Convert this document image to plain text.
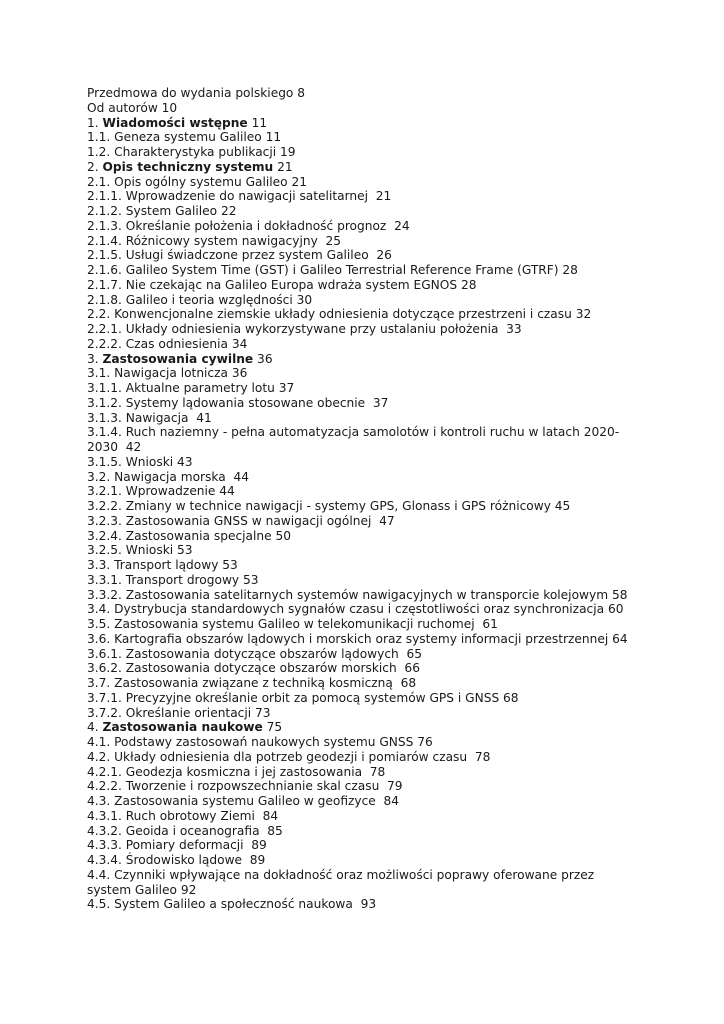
Przedmowa do wydania polskiego 8

Od autorów 10

1. Wiadomości wstępne 11

1.1. Geneza systemu Galileo 11

1.2. Charakterystyka publikacji 19

2. Opis techniczny systemu 21

2.1. Opis ogólny systemu Galileo 21

2.1.1. Wprowadzenie do nawigacji satelitarnej  21

2.1.2. System Galileo 22

2.1.3. Określanie położenia i dokładność prognoz  24

2.1.4. Różnicowy system nawigacyjny  25

2.1.5. Usługi świadczone przez system Galileo  26

2.1.6. Galileo System Time (GST) i Galileo Terrestrial Reference Frame (GTRF) 28

2.1.7. Nie czekając na Galileo Europa wdraża system EGNOS 28

2.1.8. Galileo i teoria względności 30

2.2. Konwencjonalne ziemskie układy odniesienia dotyczące przestrzeni i czasu 32

2.2.1. Układy odniesienia wykorzystywane przy ustalaniu położenia  33

2.2.2. Czas odniesienia 34

3. Zastosowania cywilne 36

3.1. Nawigacja lotnicza 36

3.1.1. Aktualne parametry lotu 37

3.1.2. Systemy lądowania stosowane obecnie  37

3.1.3. Nawigacja  41

3.1.4. Ruch naziemny - pełna automatyzacja samolotów i kontroli ruchu w latach 2020-

2030  42

3.1.5. Wnioski 43

3.2. Nawigacja morska  44

3.2.1. Wprowadzenie 44

3.2.2. Zmiany w technice nawigacji - systemy GPS, Glonass i GPS różnicowy 45

3.2.3. Zastosowania GNSS w nawigacji ogólnej  47

3.2.4. Zastosowania specjalne 50

3.2.5. Wnioski 53

3.3. Transport lądowy 53

3.3.1. Transport drogowy 53

3.3.2. Zastosowania satelitarnych systemów nawigacyjnych w transporcie kolejowym 58

3.4. Dystrybucja standardowych sygnałów czasu i częstotliwości oraz synchronizacja 60

3.5. Zastosowania systemu Galileo w telekomunikacji ruchomej  61

3.6. Kartografia obszarów lądowych i morskich oraz systemy informacji przestrzennej 64

3.6.1. Zastosowania dotyczące obszarów lądowych  65

3.6.2. Zastosowania dotyczące obszarów morskich  66

3.7. Zastosowania związane z techniką kosmiczną  68

3.7.1. Precyzyjne określanie orbit za pomocą systemów GPS i GNSS 68

3.7.2. Określanie orientacji 73

4. Zastosowania naukowe 75

4.1. Podstawy zastosowań naukowych systemu GNSS 76

4.2. Układy odniesienia dla potrzeb geodezji i pomiarów czasu  78

4.2.1. Geodezja kosmiczna i jej zastosowania  78

4.2.2. Tworzenie i rozpowszechnianie skal czasu  79

4.3. Zastosowania systemu Galileo w geofizyce  84

4.3.1. Ruch obrotowy Ziemi  84

4.3.2. Geoida i oceanografia  85

4.3.3. Pomiary deformacji  89

4.3.4. Środowisko lądowe  89

4.4. Czynniki wpływające na dokładność oraz możliwości poprawy oferowane przez

system Galileo 92

4.5. System Galileo a społeczność naukowa  93
